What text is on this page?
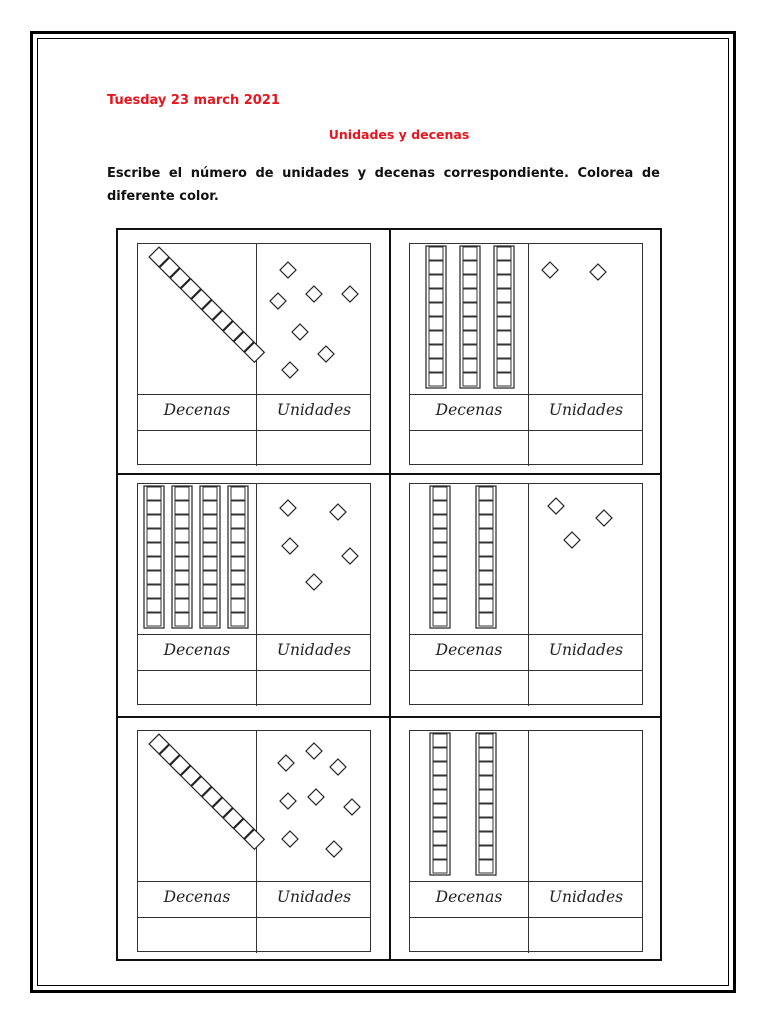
Tuesday 23 march 2021
Unidades y decenas
Escribe el número de unidades y decenas correspondiente. Colorea de diferente color.
Decenas	Unidades	Decenas	Unidades
Decenas	Unidades	Decenas	Unidades
Decenas	Unidades	Decenas	Unidades
